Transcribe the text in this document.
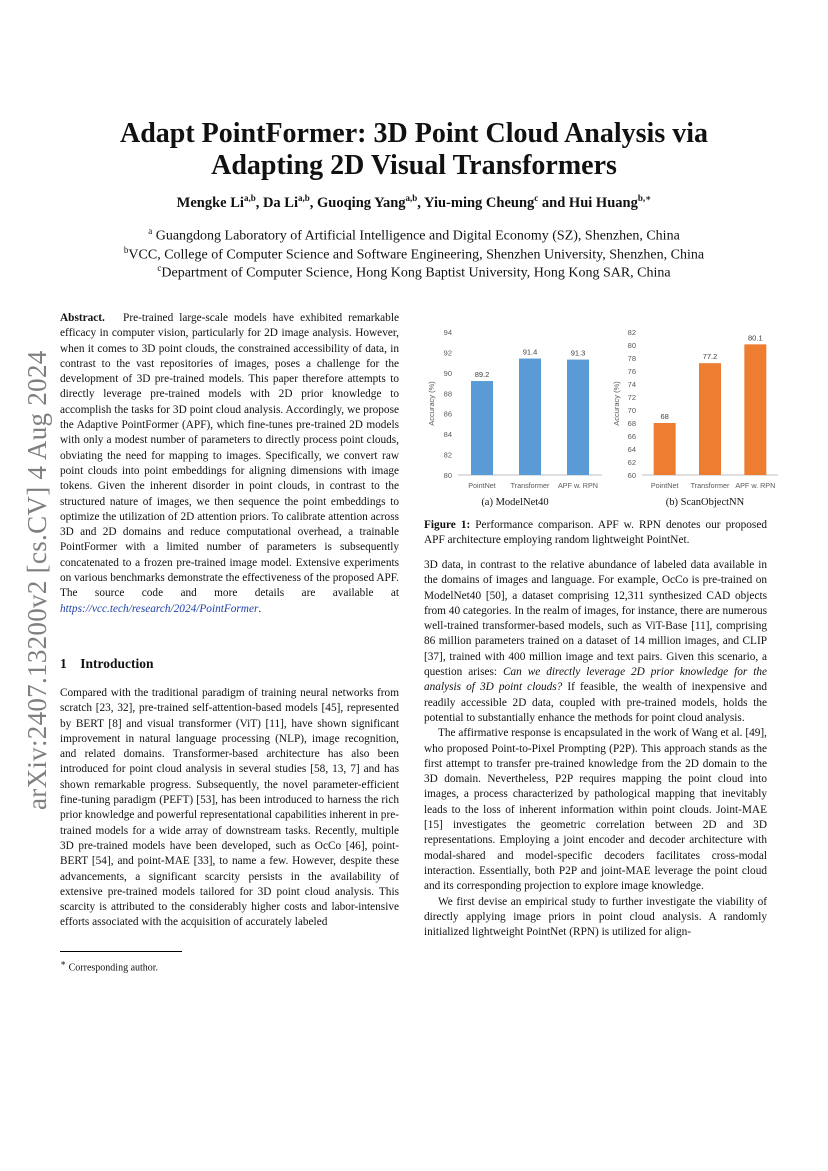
Adapt PointFormer: 3D Point Cloud Analysis via
Adapting 2D Visual Transformers
Mengke Li$^{a,b}$, Da Li$^{a,b}$, Guoqing Yang$^{a,b}$, Yiu-ming Cheung$^c$ and Hui Huang$^{b,∗}$
$^a$ Guangdong Laboratory of Artificial Intelligence and Digital Economy (SZ), Shenzhen, China
$^b$VCC, College of Computer Science and Software Engineering, Shenzhen University, Shenzhen, China
$^c$Department of Computer Science, Hong Kong Baptist University, Hong Kong SAR, China
arXiv:2407.13200v2 [cs.CV] 4 Aug 2024

Abstract. Pre-trained large-scale models have exhibited remarkable efficacy in computer vision, particularly for 2D image analysis. However, when it comes to 3D point clouds, the constrained accessibility of data, in contrast to the vast repositories of images, poses a challenge for the development of 3D pre-trained models. This paper therefore attempts to directly leverage pre-trained models with 2D prior knowledge to accomplish the tasks for 3D point cloud analysis. Accordingly, we propose the Adaptive PointFormer (APF), which fine-tunes pre-trained 2D models with only a modest number of parameters to directly process point clouds, obviating the need for mapping to images. Specifically, we convert raw point clouds into point embeddings for aligning dimensions with image tokens. Given the inherent disorder in point clouds, in contrast to the structured nature of images, we then sequence the point embeddings to optimize the utilization of 2D attention priors. To calibrate attention across 3D and 2D domains and reduce computational overhead, a trainable PointFormer with a limited number of parameters is subsequently concatenated to a frozen pre-trained image model. Extensive experiments on various benchmarks demonstrate the effectiveness of the proposed APF. The source code and more details are available at https://vcc.tech/research/2024/PointFormer.

1 Introduction

Compared with the traditional paradigm of training neural networks from scratch [23, 32], pre-trained self-attention-based models [45], represented by BERT [8] and visual transformer (ViT) [11], have shown significant improvement in natural language processing (NLP), image recognition, and related domains. Transformer-based architecture has also been introduced for point cloud analysis in several studies [58, 13, 7] and has shown remarkable progress. Subsequently, the novel parameter-efficient fine-tuning paradigm (PEFT) [53], has been introduced to harness the rich prior knowledge and powerful representational capabilities inherent in pre-trained models for a wide array of downstream tasks. Recently, multiple 3D pre-trained models have been developed, such as OcCo [46], point-BERT [54], and point-MAE [33], to name a few. However, despite these advancements, a significant scarcity persists in the availability of extensive pre-trained models tailored for 3D point cloud analysis. This scarcity is attributed to the considerably higher costs and labor-intensive efforts associated with the acquisition of accurately labeled

∗ Corresponding author.
80
82
84
86
88
90
92
94
Accuracy (%)
89.2
PointNet
91.4
Transformer
91.3
APF w. RPN
60
62
64
66
68
70
72
74
76
78
80
82
Accuracy (%)	68
PointNet
77.2
Transformer
80.1
APF w. RPN
(a) ModelNet40	(b) ScanObjectNN
Figure 1: Performance comparison. APF w. RPN denotes our proposed APF architecture employing random lightweight PointNet.

3D data, in contrast to the relative abundance of labeled data available in the domains of images and language. For example, OcCo is pre-trained on ModelNet40 [50], a dataset comprising 12,311 synthesized CAD objects from 40 categories. In the realm of images, for instance, there are numerous well-trained transformer-based models, such as ViT-Base [11], comprising 86 million parameters trained on a dataset of 14 million images, and CLIP [37], trained with 400 million image and text pairs. Given this scenario, a question arises: Can we directly leverage 2D prior knowledge for the analysis of 3D point clouds? If feasible, the wealth of inexpensive and readily accessible 2D data, coupled with pre-trained models, holds the potential to substantially enhance the methods for point cloud analysis.

The affirmative response is encapsulated in the work of Wang et al. [49], who proposed Point-to-Pixel Prompting (P2P). This approach stands as the first attempt to transfer pre-trained knowledge from the 2D domain to the 3D domain. Nevertheless, P2P requires mapping the point cloud into images, a process characterized by pathological mapping that inevitably leads to the loss of inherent information within point clouds. Joint-MAE [15] investigates the geometric correlation between 2D and 3D representations. Employing a joint encoder and decoder architecture with modal-shared and model-specific decoders facilitates cross-modal interaction. Essentially, both P2P and joint-MAE leverage the point cloud and its corresponding projection to explore image knowledge.

We first devise an empirical study to further investigate the viability of directly applying image priors in point cloud analysis. A randomly initialized lightweight PointNet (RPN) is utilized for align-
